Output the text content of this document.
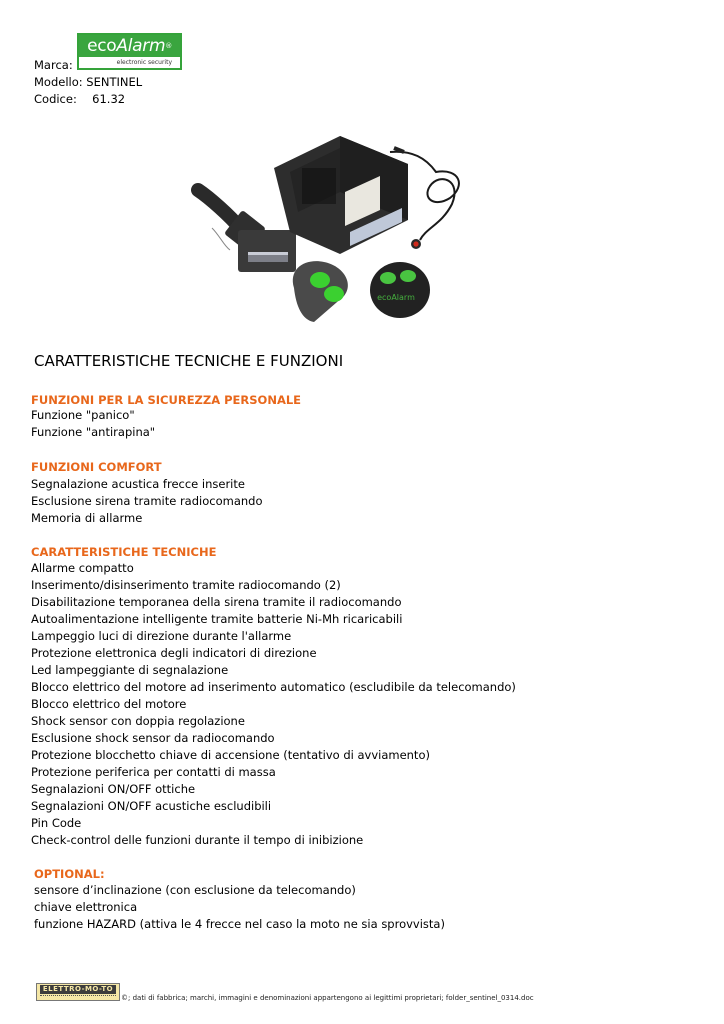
Marca:
ecoAlarm®
electronic security
Modello: SENTINEL
Codice: 61.32
ecoAlarm
CARATTERISTICHE TECNICHE E FUNZIONI
FUNZIONI PER LA SICUREZZA PERSONALE
Funzione "panico"
Funzione "antirapina"
FUNZIONI COMFORT
Segnalazione acustica frecce inserite
Esclusione sirena tramite radiocomando
Memoria di allarme
CARATTERISTICHE TECNICHE
Allarme compatto
Inserimento/disinserimento tramite radiocomando (2)
Disabilitazione temporanea della sirena tramite il radiocomando
Autoalimentazione intelligente tramite batterie Ni-Mh ricaricabili
Lampeggio luci di direzione durante l'allarme
Protezione elettronica degli indicatori di direzione
Led lampeggiante di segnalazione
Blocco elettrico del motore ad inserimento automatico (escludibile da telecomando)
Blocco elettrico del motore
Shock sensor con doppia regolazione
Esclusione shock sensor da radiocomando
Protezione blocchetto chiave di accensione (tentativo di avviamento)
Protezione periferica per contatti di massa
Segnalazioni ON/OFF ottiche
Segnalazioni ON/OFF acustiche escludibili
Pin Code
Check-control delle funzioni durante il tempo di inibizione
OPTIONAL:
sensore d’inclinazione (con esclusione da telecomando)
chiave elettronica
funzione HAZARD (attiva le 4 frecce nel caso la moto ne sia sprovvista)
ELETTRO-MO-TO
©; dati di fabbrica; marchi, immagini e denominazioni appartengono ai legittimi proprietari; folder_sentinel_0314.doc
